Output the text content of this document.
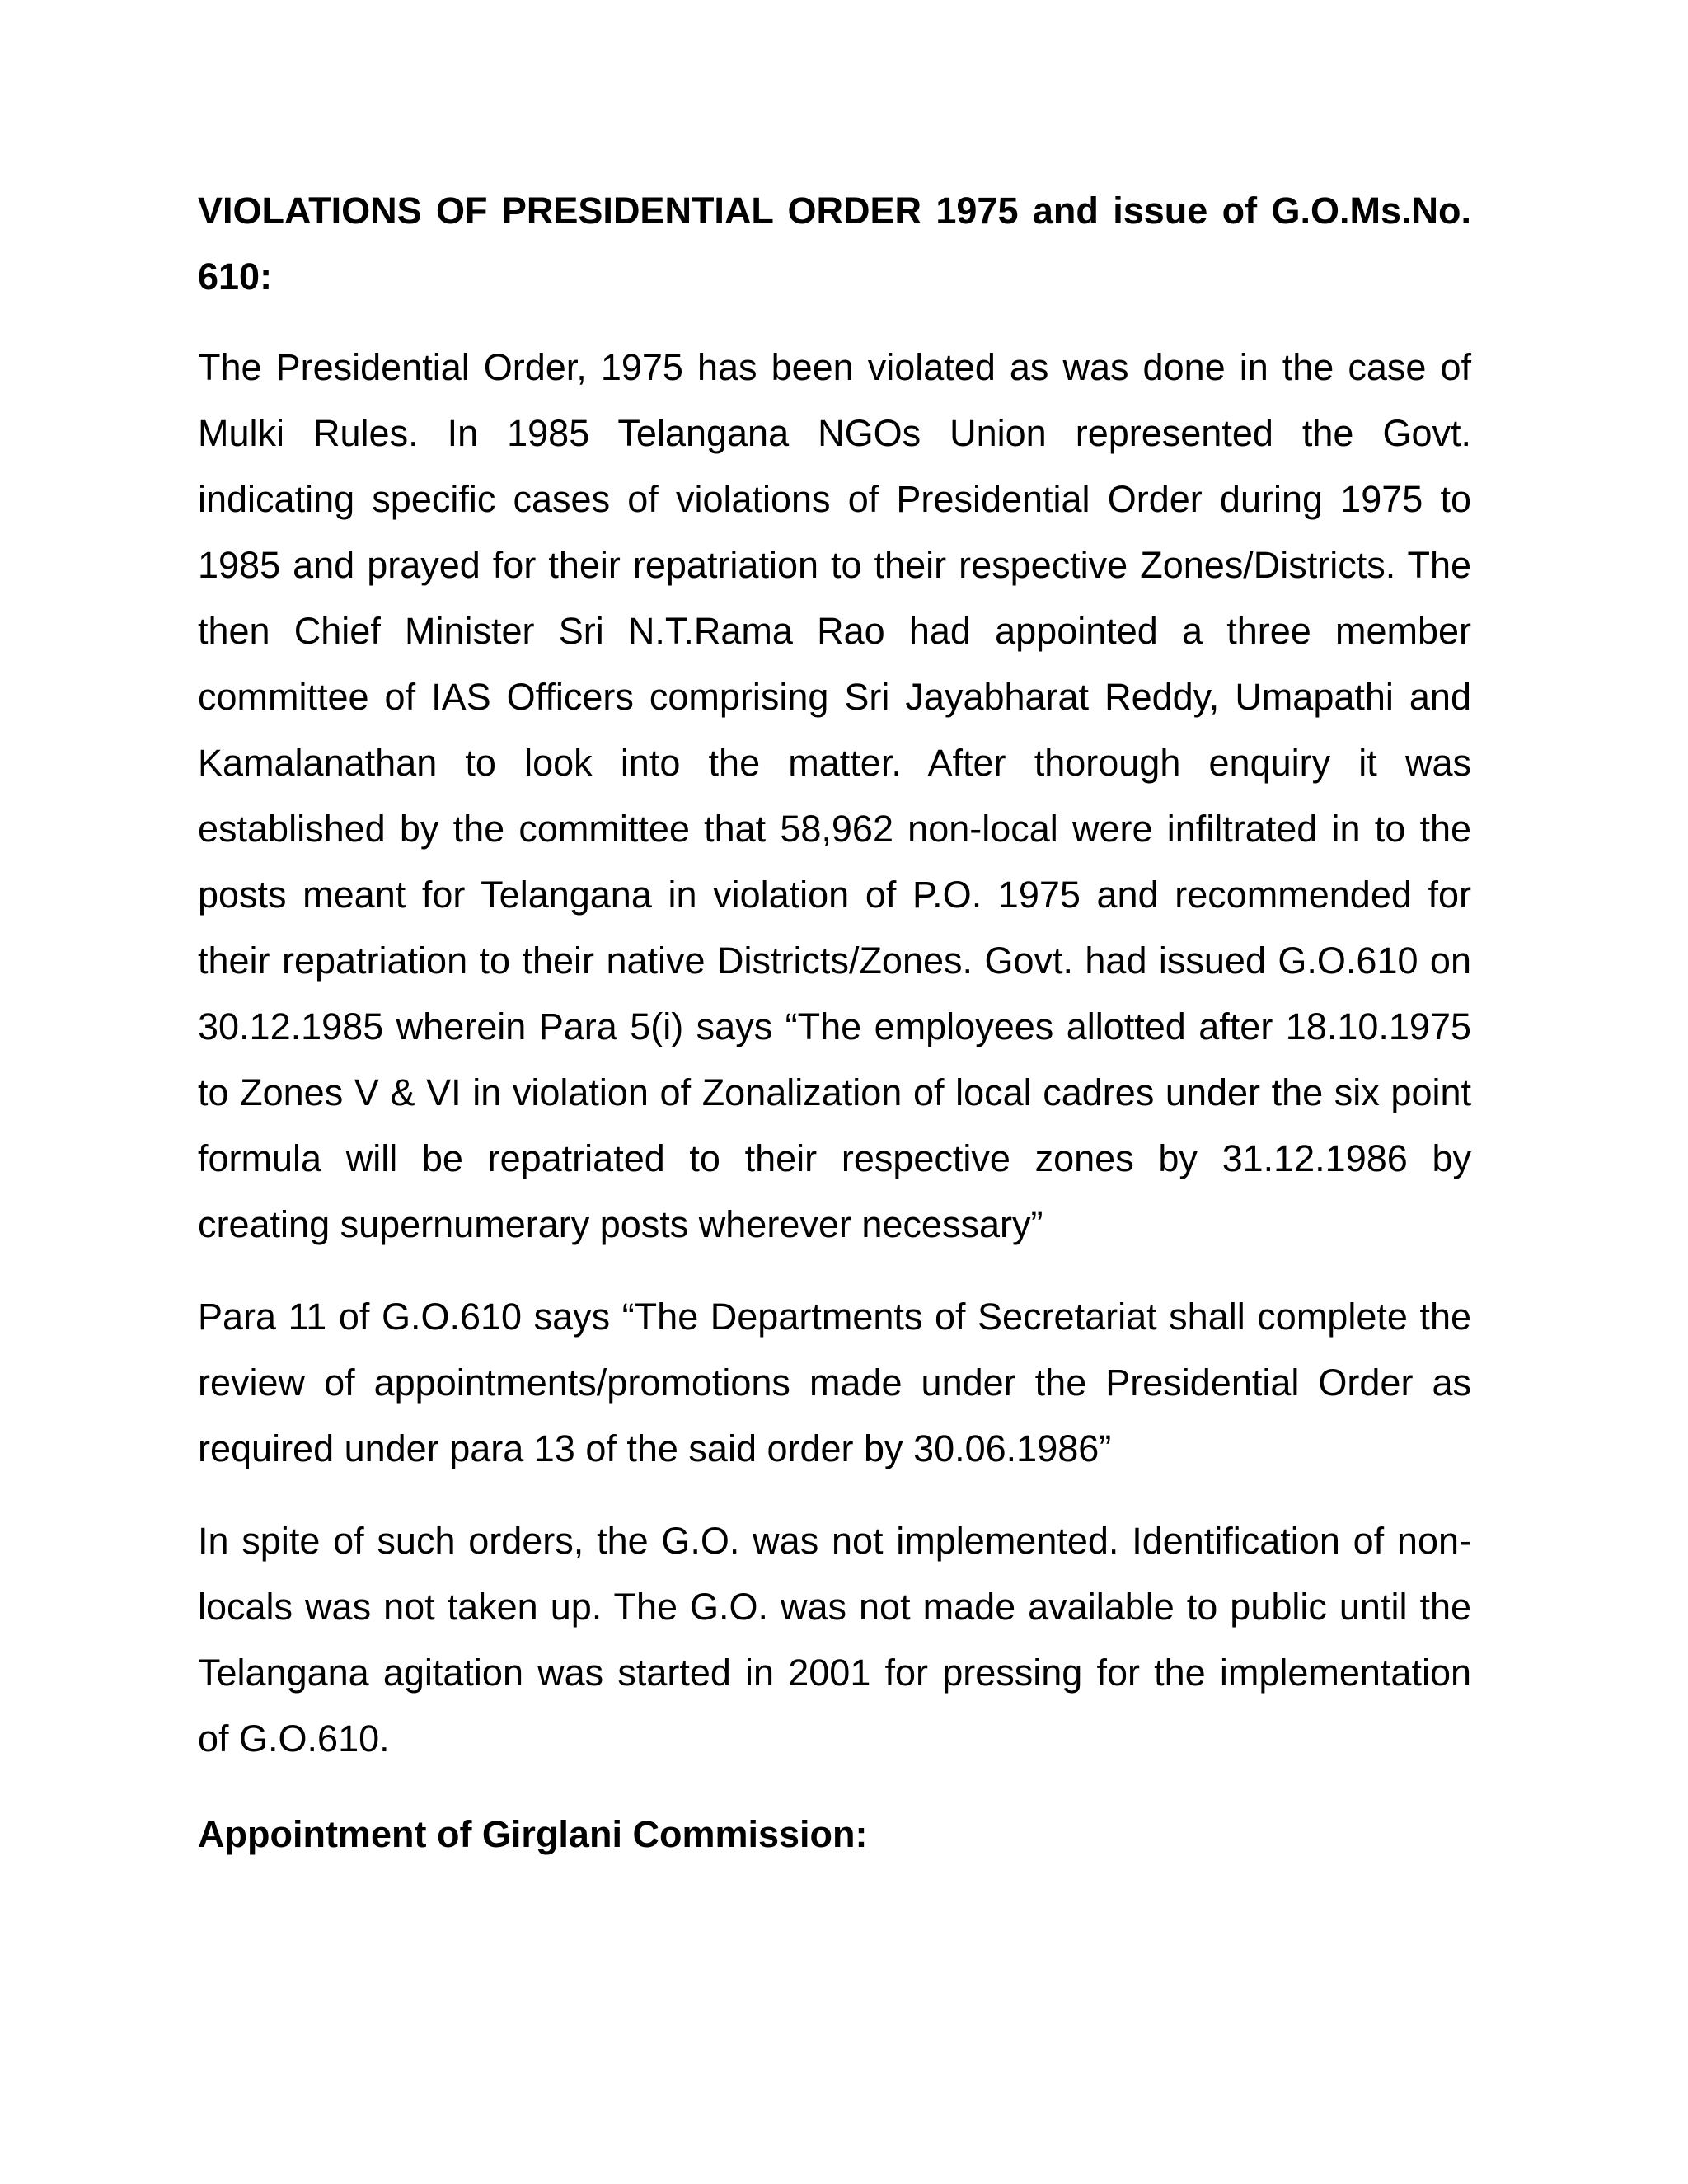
VIOLATIONS OF PRESIDENTIAL ORDER 1975 and issue of G.O.Ms.No. 610:

The Presidential Order, 1975 has been violated as was done in the case of Mulki Rules. In 1985 Telangana NGOs Union represented the Govt. indicating specific cases of violations of Presidential Order during 1975 to 1985 and prayed for their repatriation to their respective Zones/Districts. The then Chief Minister Sri N.T.Rama Rao had appointed a three member committee of IAS Officers comprising Sri Jayabharat Reddy, Umapathi and Kamalanathan to look into the matter. After thorough enquiry it was established by the committee that 58,962 non-local were infiltrated in to the posts meant for Telangana in violation of P.O. 1975 and recommended for their repatriation to their native Districts/Zones. Govt. had issued G.O.610 on 30.12.1985 wherein Para 5(i) says “The employees allotted after 18.10.1975 to Zones V & VI in violation of Zonalization of local cadres under the six point formula will be repatriated to their respective zones by 31.12.1986 by creating supernumerary posts wherever necessary”

Para 11 of G.O.610 says “The Departments of Secretariat shall complete the review of appointments/promotions made under the Presidential Order as required under para 13 of the said order by 30.06.1986”

In spite of such orders, the G.O. was not implemented. Identification of non-locals was not taken up. The G.O. was not made available to public until the Telangana agitation was started in 2001 for pressing for the implementation of G.O.610.

Appointment of Girglani Commission:
